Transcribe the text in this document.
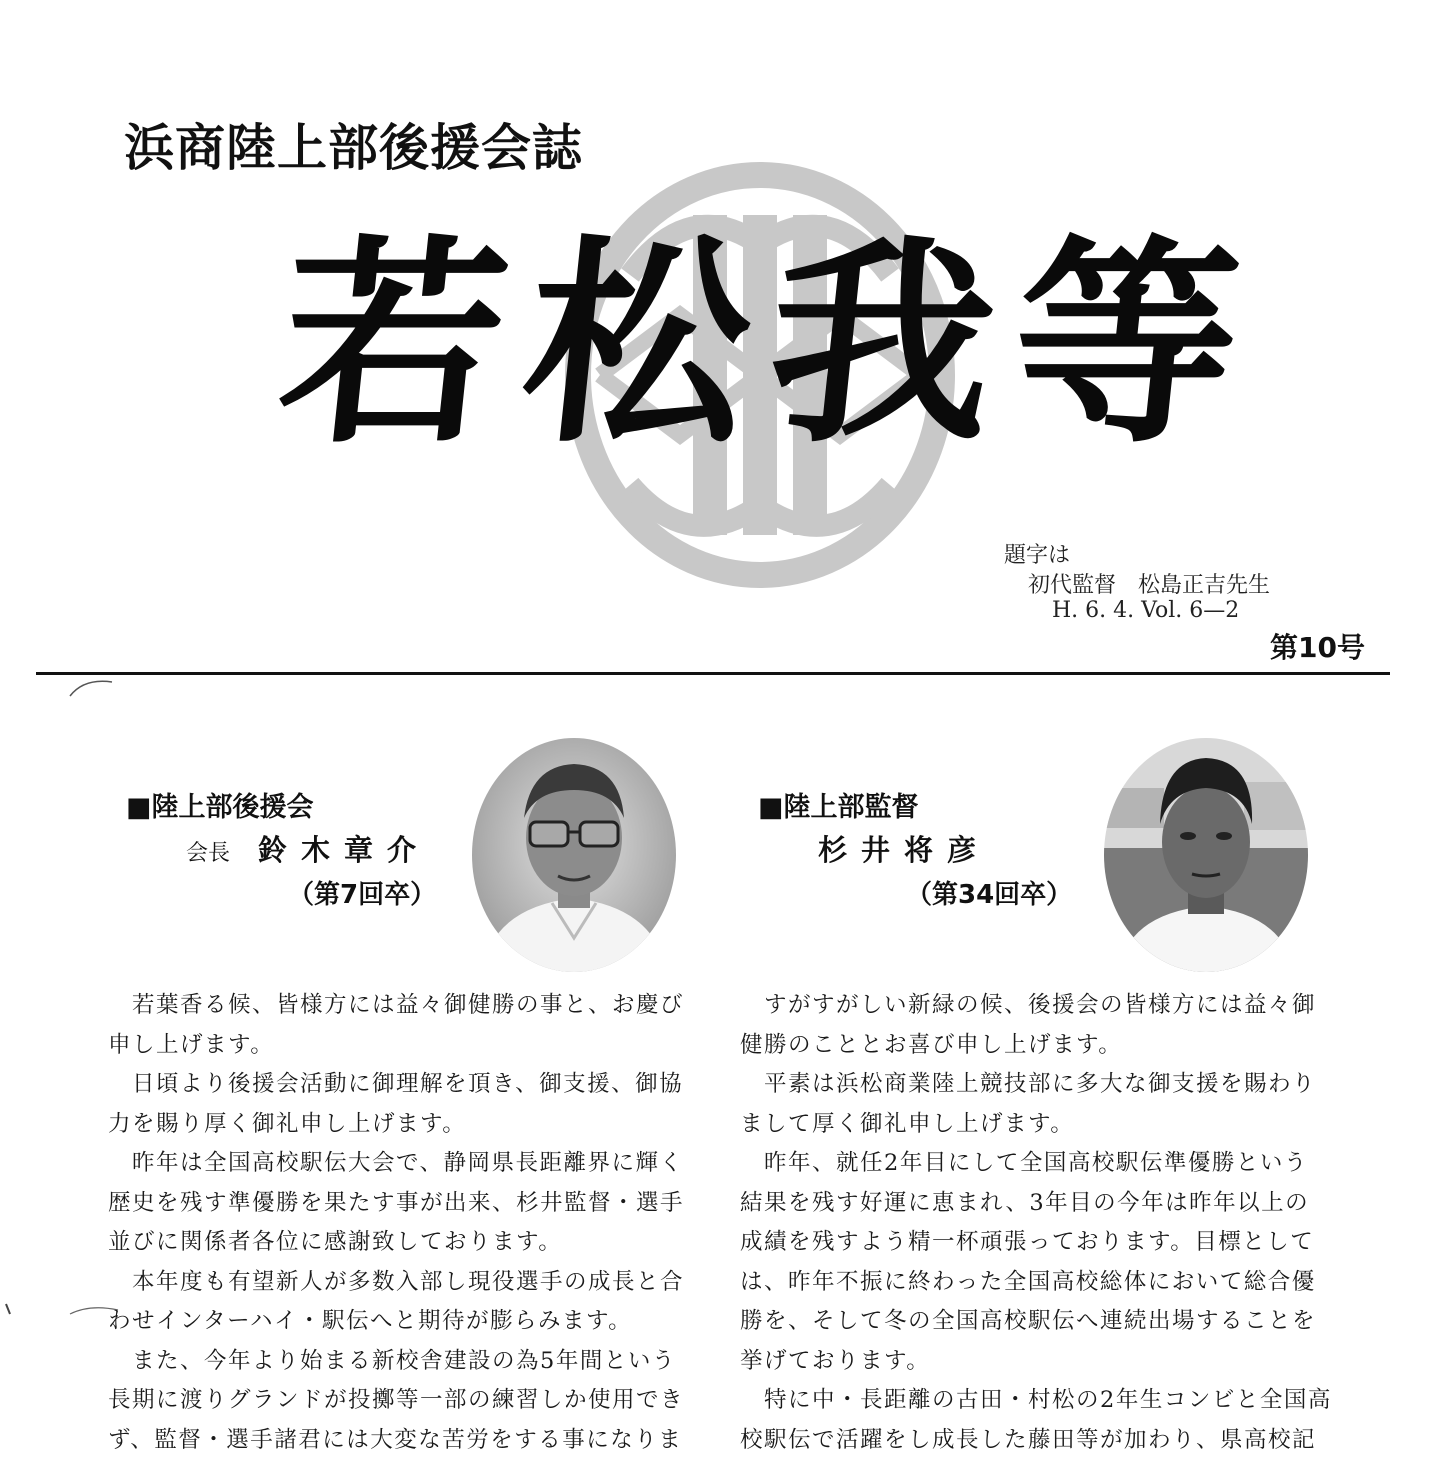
浜商陸上部後援会誌
若松我等
題字は
初代監督　松島正吉先生
H. 6. 4. Vol. 6—2
第10号
■陸上部後援会
会長 鈴木章介
（第7回卒）
■陸上部監督
杉井将彦
（第34回卒）

若葉香る候、皆様方には益々御健勝の事と、お慶び

申し上げます。

日頃より後援会活動に御理解を頂き、御支援、御協

力を賜り厚く御礼申し上げます。

昨年は全国高校駅伝大会で、静岡県長距離界に輝く

歴史を残す準優勝を果たす事が出来、杉井監督・選手

並びに関係者各位に感謝致しております。

本年度も有望新人が多数入部し現役選手の成長と合

わせインターハイ・駅伝へと期待が膨らみます。

また、今年より始まる新校舎建設の為5年間という

長期に渡りグランドが投擲等一部の練習しか使用でき

ず、監督・選手諸君には大変な苦労をする事になりま

すがすがしい新緑の候、後援会の皆様方には益々御

健勝のこととお喜び申し上げます。

平素は浜松商業陸上競技部に多大な御支援を賜わり

まして厚く御礼申し上げます。

昨年、就任2年目にして全国高校駅伝準優勝という

結果を残す好運に恵まれ、3年目の今年は昨年以上の

成績を残すよう精一杯頑張っております。目標として

は、昨年不振に終わった全国高校総体において総合優

勝を、そして冬の全国高校駅伝へ連続出場することを

挙げております。

特に中・長距離の古田・村松の2年生コンビと全国高

校駅伝で活躍をし成長した藤田等が加わり、県高校記
